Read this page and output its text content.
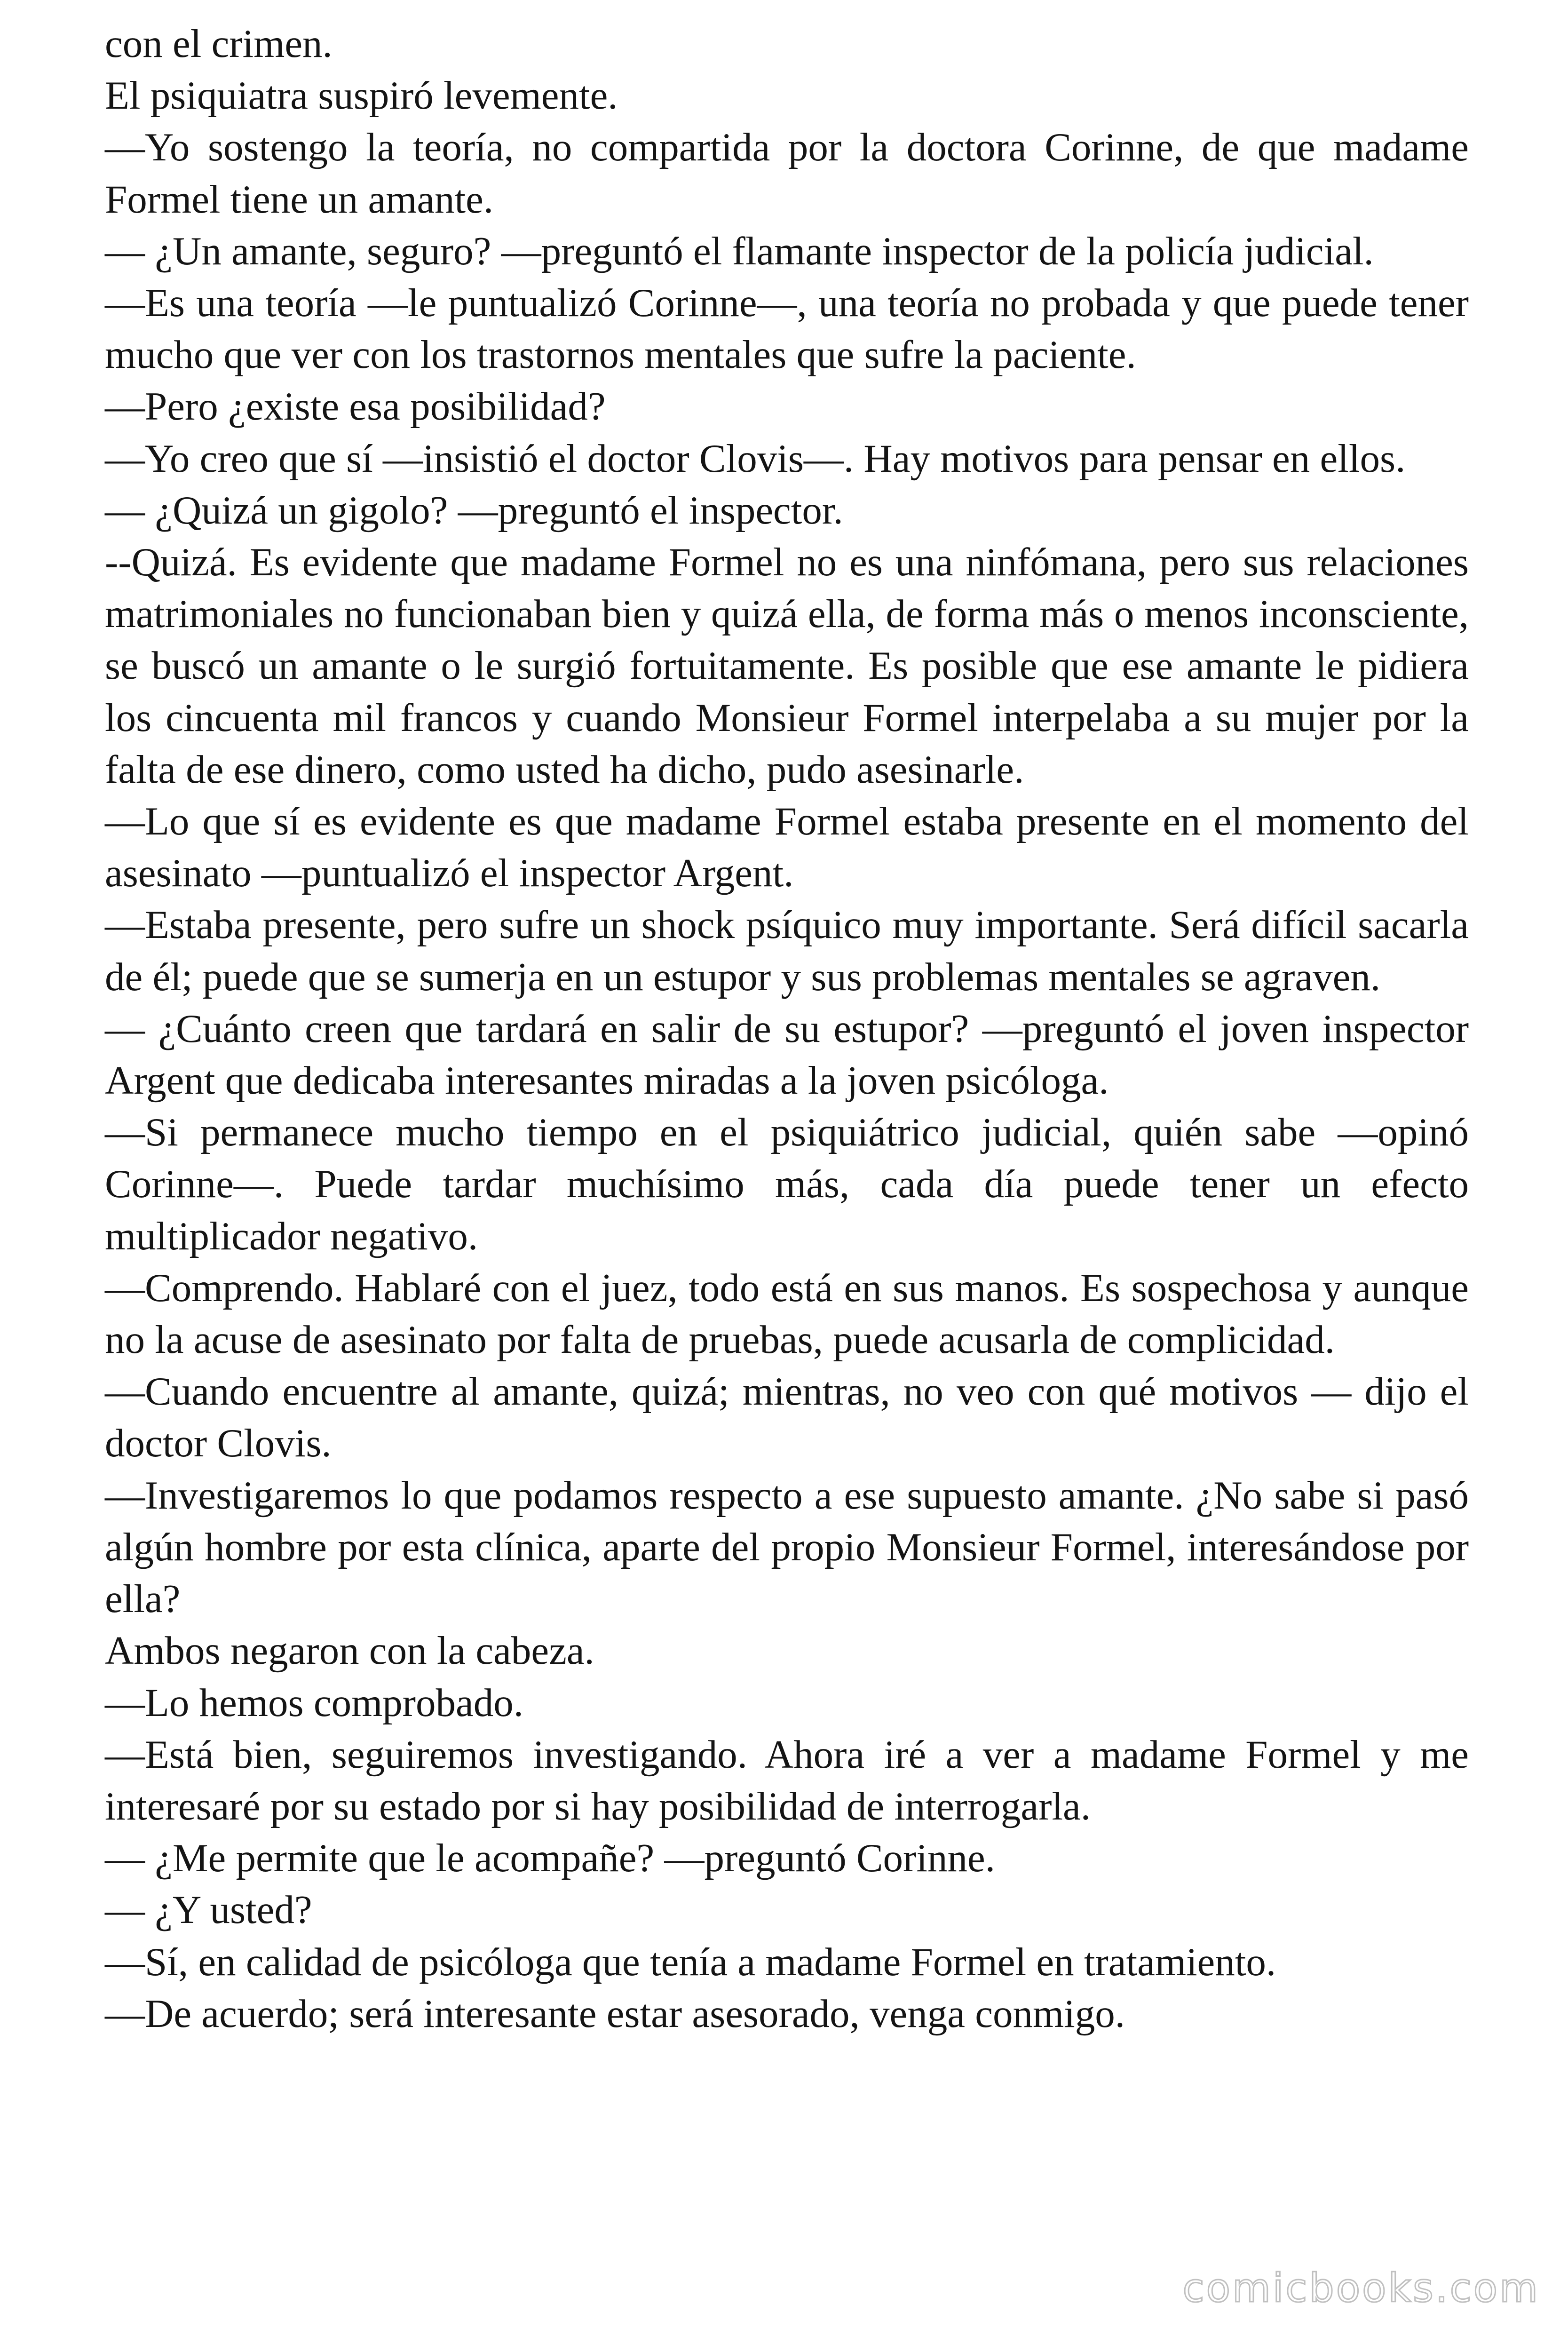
con el crimen.

El psiquiatra suspiró levemente.

—Yo sostengo la teoría, no compartida por la doctora Corinne, de que madame Formel tiene un amante.

— ¿Un amante, seguro? —preguntó el flamante inspector de la policía judicial.

—Es una teoría —le puntualizó Corinne—, una teoría no probada y que puede tener mucho que ver con los trastornos mentales que sufre la paciente.

—Pero ¿existe esa posibilidad?

—Yo creo que sí —insistió el doctor Clovis—. Hay motivos para pensar en ellos.

— ¿Quizá un gigolo? —preguntó el inspector.

--Quizá. Es evidente que madame Formel no es una ninfómana, pero sus relaciones matrimoniales no funcionaban bien y quizá ella, de forma más o menos inconsciente, se buscó un amante o le surgió fortuitamente. Es posible que ese amante le pidiera los cincuenta mil francos y cuando Monsieur Formel interpelaba a su mujer por la falta de ese dinero, como usted ha dicho, pudo asesinarle.

—Lo que sí es evidente es que madame Formel estaba presente en el momento del asesinato —puntualizó el inspector Argent.

—Estaba presente, pero sufre un shock psíquico muy importante. Será difícil sacarla de él; puede que se sumerja en un estupor y sus problemas mentales se agraven.

— ¿Cuánto creen que tardará en salir de su estupor? —preguntó el joven inspector Argent que dedicaba interesantes miradas a la joven psicóloga.

—Si permanece mucho tiempo en el psiquiátrico judicial, quién sabe —opinó Corinne—. Puede tardar muchísimo más, cada día puede tener un efecto multiplicador negativo.

—Comprendo. Hablaré con el juez, todo está en sus manos. Es sospechosa y aunque no la acuse de asesinato por falta de pruebas, puede acusarla de complicidad.

—Cuando encuentre al amante, quizá; mientras, no veo con qué motivos — dijo el doctor Clovis.

—Investigaremos lo que podamos respecto a ese supuesto amante. ¿No sabe si pasó algún hombre por esta clínica, aparte del propio Monsieur Formel, interesándose por ella?

Ambos negaron con la cabeza.

—Lo hemos comprobado.

—Está bien, seguiremos investigando. Ahora iré a ver a madame Formel y me interesaré por su estado por si hay posibilidad de interrogarla.

— ¿Me permite que le acompañe? —preguntó Corinne.

— ¿Y usted?

—Sí, en calidad de psicóloga que tenía a madame Formel en tratamiento.

—De acuerdo; será interesante estar asesorado, venga conmigo.

comicbooks.com
